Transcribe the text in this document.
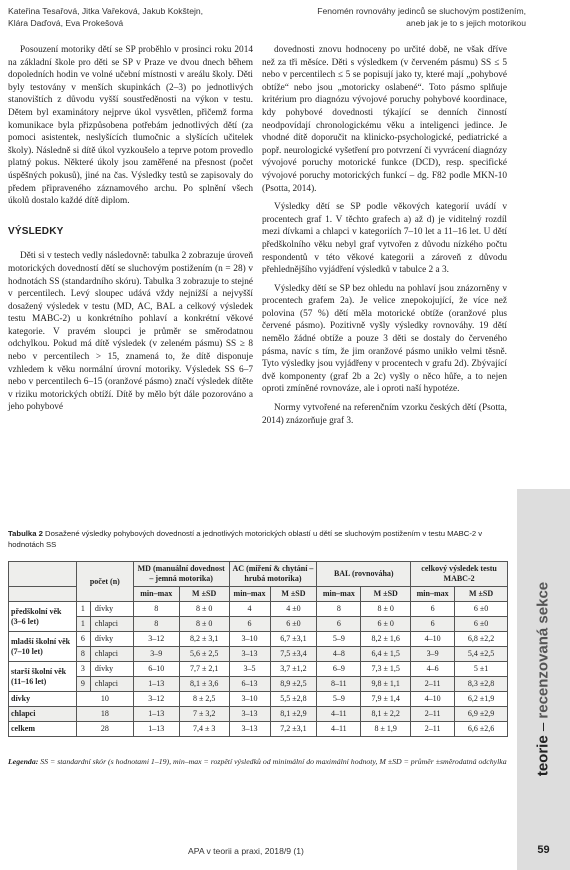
Kateřina Tesařová, Jitka Vařeková, Jakub Kokštejn,
Klára Daďová, Eva Prokešová
Fenomén rovnováhy jedinců se sluchovým postižením,
aneb jak je to s jejich motorikou

Posouzení motoriky dětí se SP proběhlo v prosinci roku 2014 na základní škole pro děti se SP v Praze ve dvou dnech během dopoledních hodin ve volné učební místnosti v areálu školy. Děti byly testovány v menších skupinkách (2–3) po jednotlivých stanovištích z důvodu vyšší soustředěnosti na výkon v testu. Dětem byl examinátory nejprve úkol vysvětlen, přičemž forma komunikace byla přizpůsobena potřebám jednotlivých dětí (za pomoci asistentek, neslyšících tlumočnic a slyšících učitelek školy). Následně si dítě úkol vyzkoušelo a teprve potom provedlo platný pokus. Některé úkoly jsou zaměřené na přesnost (počet úspěšných pokusů), jiné na čas. Výsledky testů se zapisovaly do předem připraveného záznamového archu. Po splnění všech úkolů dostalo každé dítě diplom.

VÝSLEDKY

Děti si v testech vedly následovně: tabulka 2 zobrazuje úroveň motorických dovedností dětí se sluchovým postižením (n = 28) v hodnotách SS (standardního skóru). Tabulka 3 zobrazuje to stejné v percentilech. Levý sloupec udává vždy nejnižší a nejvyšší dosažený výsledek v testu (MD, AC, BAL a celkový výsledek testu MABC-2) u konkrétního pohlaví a konkrétní věkové kategorie. V pravém sloupci je průměr se směrodatnou odchylkou. Pokud má dítě výsledek (v zeleném pásmu) SS ≥ 8 nebo v percentilech > 15, znamená to, že dítě disponuje vzhledem k věku normální úrovní motoriky. Výsledek SS 6–7 nebo v percentilech 6–15 (oranžové pásmo) značí výsledek dítěte v riziku motorických obtíží. Dítě by mělo být dále pozorováno a jeho pohybové

dovednosti znovu hodnoceny po určité době, ne však dříve než za tři měsíce. Děti s výsledkem (v červeném pásmu) SS ≤ 5 nebo v percentilech ≤ 5 se popisují jako ty, které mají „pohybové obtíže“ nebo jsou „motoricky oslabené“. Toto pásmo splňuje kritérium pro diagnózu vývojové poruchy pohybové koordinace, kdy pohybové dovednosti týkající se denních činností neodpovídají chronologickému věku a inteligenci jedince. Je vhodné dítě doporučit na klinicko-psychologické, pediatrické a popř. neurologické vyšetření pro potvrzení či vyvrácení diagnózy vývojové poruchy motorické funkce (DCD), resp. specifické vývojové poruchy motorických funkcí – dg. F82 podle MKN-10 (Psotta, 2014).

Výsledky dětí se SP podle věkových kategorií uvádí v procentech graf 1. V těchto grafech a) až d) je viditelný rozdíl mezi dívkami a chlapci v kategoriích 7–10 let a 11–16 let. U dětí předškolního věku nebyl graf vytvořen z důvodu nízkého počtu respondentů v této věkové kategorii a zároveň z důvodu přehlednějšího vyjádření výsledků v tabulce 2 a 3.

Výsledky dětí se SP bez ohledu na pohlaví jsou znázorněny v procentech grafem 2a). Je velice znepokojující, že více než polovina (57 %) dětí měla motorické obtíže (oranžové plus červené pásmo). Pozitivně vyšly výsledky rovnováhy. 19 dětí nemělo žádné obtíže a pouze 3 děti se dostaly do červeného pásma, navíc s tím, že jim oranžové pásmo unikło velmi těsně. Tyto výsledky jsou vyjádřeny v procentech v grafu 2d). Zbývající dvě komponenty (graf 2b a 2c) vyšly o něco hůře, a to nejen oproti zmíněné rovnováze, ale i oproti naší hypotéze.

Normy vytvořené na referenčním vzorku českých dětí (Psotta, 2014) znázorňuje graf 3.

Tabulka 2 Dosažené výsledky pohybových dovedností a jednotlivých motorických oblastí u dětí se sluchovým postižením v testu MABC-2 v hodnotách SS
	počet (n)		MD (manuální dovednost – jemná motorika)		AC (míření & chytání – hrubá motorika)		BAL (rovnováha)		celkový výsledek testu MABC-2	
			min–max	M ±SD	min–max	M ±SD	min–max	M ±SD	min–max	M ±SD
předškolní věk (3–6 let)	1	dívky	8	8 ± 0	4	4 ±0	8	8 ± 0	6	6 ±0
	1	chlapci	8	8 ± 0	6	6 ±0	6	6 ± 0	6	6 ±0
mladší školní věk (7–10 let)	6	dívky	3–12	8,2 ± 3,1	3–10	6,7 ±3,1	5–9	8,2 ± 1,6	4–10	6,8 ±2,2
	8	chlapci	3–9	5,6 ± 2,5	3–13	7,5 ±3,4	4–8	6,4 ± 1,5	3–9	5,4 ±2,5
starší školní věk (11–16 let)	3	dívky	6–10	7,7 ± 2,1	3–5	3,7 ±1,2	6–9	7,3 ± 1,5	4–6	5 ±1
	9	chlapci	1–13	8,1 ± 3,6	6–13	8,9 ±2,5	8–11	9,8 ± 1,1	2–11	8,3 ±2,8
dívky	10		3–12	8 ± 2,5	3–10	5,5 ±2,8	5–9	7,9 ± 1,4	4–10	6,2 ±1,9
chlapci	18		1–13	7 ± 3,2	3–13	8,1 ±2,9	4–11	8,1 ± 2,2	2–11	6,9 ±2,9
celkem	28		1–13	7,4 ± 3	3–13	7,2 ±3,1	4–11	8 ± 1,9	2–11	6,6 ±2,6
Legenda: SS = standardní skór (s hodnotami 1–19), min–max = rozpětí výsledků od minimální do maximální hodnoty, M ±SD = průměr ±směrodatná odchylka teorie – recenzovaná sekce
59
APA v teorii a praxi, 2018/9 (1)
